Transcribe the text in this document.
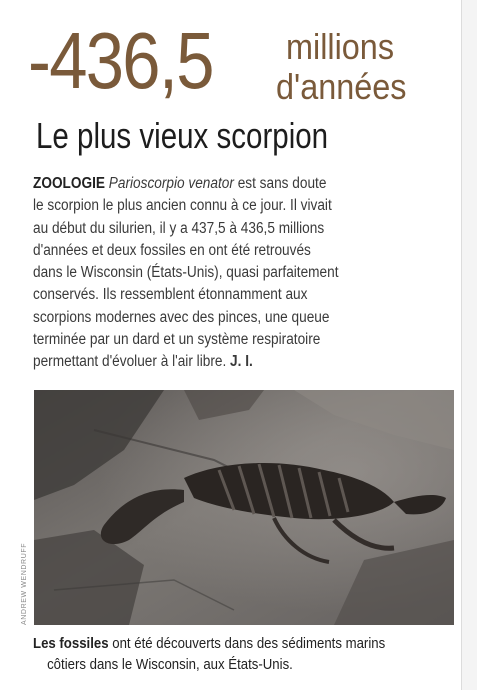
-436,5 millions
d'années
Le plus vieux scorpion
ZOOLOGIE Parioscorpio venator est sans doute
le scorpion le plus ancien connu à ce jour. Il vivait
au début du silurien, il y a 437,5 à 436,5 millions
d'années et deux fossiles en ont été retrouvés
dans le Wisconsin (États-Unis), quasi parfaitement
conservés. Ils ressemblent étonnamment aux
scorpions modernes avec des pinces, une queue
terminée par un dard et un système respiratoire
permettant d'évoluer à l'air libre. J. I.
ANDREW WENDRUFF
Les fossiles ont été découverts dans des sédiments marins
côtiers dans le Wisconsin, aux États-Unis.
